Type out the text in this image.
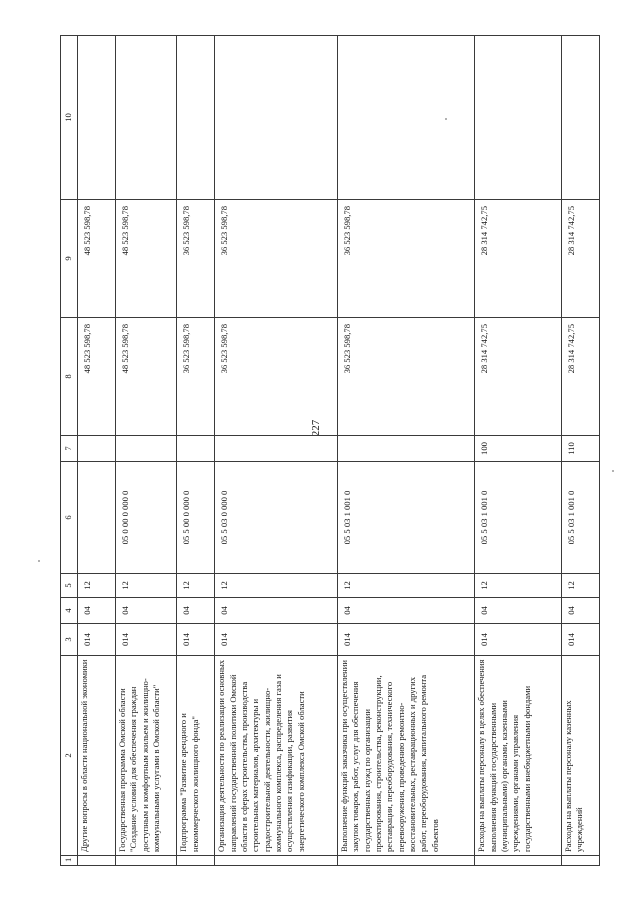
227
1	2	3	4	5	6	7	8	9	10
	Другие вопросы в области национальной экономики	014	04	12			48 523 598,78	48 523 598,78	
	Государственная программа Омской области "Создание условий для обеспечения граждан доступным и комфортным жильем и жилищно-коммунальными услугами в Омской области"	014	04	12	05 0 00 0 000 0		48 523 598,78	48 523 598,78	
	Подпрограмма "Развитие арендного и некоммерческого жилищного фонда"	014	04	12	05 5 00 0 000 0		36 523 598,78	36 523 598,78	
	Организация деятельности по реализации основных направлений государственной политики Омской области в сферах строительства, производства строительных материалов, архитектуры и градостроительной деятельности, жилищно-коммунального комплекса, распределения газа и осуществления газификации, развития энергетического комплекса Омской области	014	04	12	05 5 03 0 000 0		36 523 598,78	36 523 598,78	
	Выполнение функций заказчика при осуществлении закупок товаров, работ, услуг для обеспечения государственных нужд по организации проектирования, строительства, реконструкции, реставрации, переоборудования, технического перевооружения, проведению ремонтно-восстановительных, реставрационных и других работ, переоборудования, капитального ремонта объектов	014	04	12	05 5 03 1 001 0		36 523 598,78	36 523 598,78	
	Расходы на выплаты персоналу в целях обеспечения выполнения функций государственными (муниципальными) органами, казенными учреждениями, органами управления государственными внебюджетными фондами	014	04	12	05 5 03 1 001 0	100	28 314 742,75	28 314 742,75	
	Расходы на выплаты персоналу казенных учреждений	014	04	12	05 5 03 1 001 0	110	28 314 742,75	28 314 742,75	
